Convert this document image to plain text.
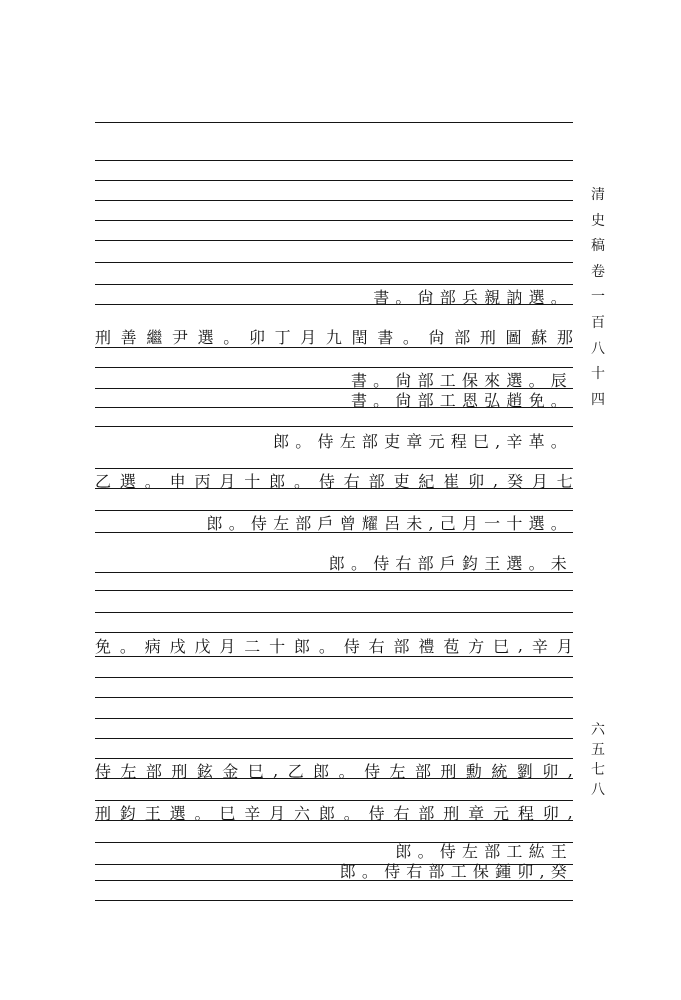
書。尙部兵親訥選。
刑 善 繼 尹 選 。 卯 丁 月 九 閏 書 。 尙 部 刑 圖 蘇 那
書。尙部工保來選。辰
書。尙部工恩弘趙免。
郎。侍左部吏章元程巳,辛革。
乙 選 。 申 丙 月 十 郎 。 侍 右 部 吏 紀 崔 卯 , 癸 月 七
郎。侍左部戶曾耀呂未,己月一十選。
郎。侍右部戶鈞王選。未
免 。 病 戌 戊 月 二 十 郎 。 侍 右 部 禮 苞 方 巳 , 辛 月
侍 左 部 刑 鉉 金 巳 , 乙 郎 。 侍 左 部 刑 勳 統 劉 卯 ,
刑 鈞 王 選 。 巳 辛 月 六 郎 。 侍 右 部 刑 章 元 程 卯 ,
郎。侍左部工紘王
郎。侍右部工保鍾卯,癸
清
史
稿
卷
一
百
八
十
四
六
五
七
八
